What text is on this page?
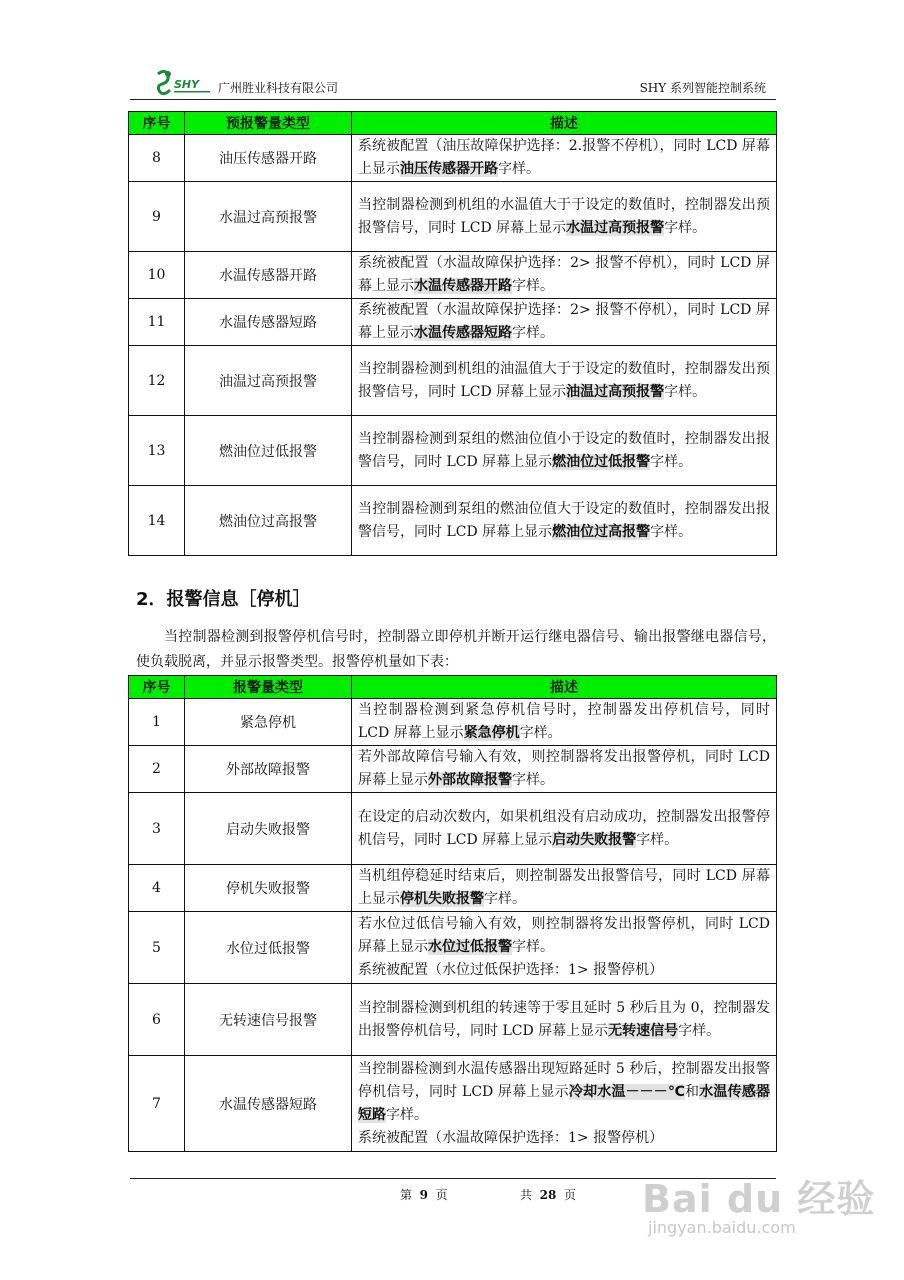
SHY 广州胜业科技有限公司	SHY 系列智能控制系统
序号	预报警量类型	描述
8	油压传感器开路	系统被配置（油压故障保护选择：2.报警不停机），同时 LCD 屏幕上显示油压传感器开路字样。
9	水温过高预报警	当控制器检测到机组的水温值大于于设定的数值时，控制器发出预报警信号，同时 LCD 屏幕上显示水温过高预报警字样。
10	水温传感器开路	系统被配置（水温故障保护选择：2> 报警不停机），同时 LCD 屏幕上显示水温传感器开路字样。
11	水温传感器短路	系统被配置（水温故障保护选择：2> 报警不停机），同时 LCD 屏幕上显示水温传感器短路字样。
12	油温过高预报警	当控制器检测到机组的油温值大于于设定的数值时，控制器发出预报警信号，同时 LCD 屏幕上显示油温过高预报警字样。
13	燃油位过低报警	当控制器检测到泵组的燃油位值小于设定的数值时，控制器发出报警信号，同时 LCD 屏幕上显示燃油位过低报警字样。
14	燃油位过高报警	当控制器检测到泵组的燃油位值大于设定的数值时，控制器发出报警信号，同时 LCD 屏幕上显示燃油位过高报警字样。
2．报警信息［停机］
当控制器检测到报警停机信号时，控制器立即停机并断开运行继电器信号、输出报警继电器信号，使负载脱离，并显示报警类型。报警停机量如下表：
序号	报警量类型	描述
1	紧急停机	当控制器检测到紧急停机信号时，控制器发出停机信号，同时 LCD 屏幕上显示紧急停机字样。
2	外部故障报警	若外部故障信号输入有效，则控制器将发出报警停机，同时 LCD 屏幕上显示外部故障报警字样。
3	启动失败报警	在设定的启动次数内，如果机组没有启动成功，控制器发出报警停机信号，同时 LCD 屏幕上显示启动失败报警字样。
4	停机失败报警	当机组停稳延时结束后，则控制器发出报警信号，同时 LCD 屏幕上显示停机失败报警字样。
5	水位过低报警	若水位过低信号输入有效，则控制器将发出报警停机，同时 LCD 屏幕上显示水位过低报警字样。
系统被配置（水位过低保护选择：1> 报警停机）
6	无转速信号报警	当控制器检测到机组的转速等于零且延时 5 秒后且为 0，控制器发出报警停机信号，同时 LCD 屏幕上显示无转速信号字样。
7	水温传感器短路	当控制器检测到水温传感器出现短路延时 5 秒后，控制器发出报警停机信号，同时 LCD 屏幕上显示冷却水温－－－℃和水温传感器短路字样。
系统被配置（水温故障保护选择：1> 报警停机）
第 9 页	共 28 页 Bai du 经验
jingyan.baidu.com
